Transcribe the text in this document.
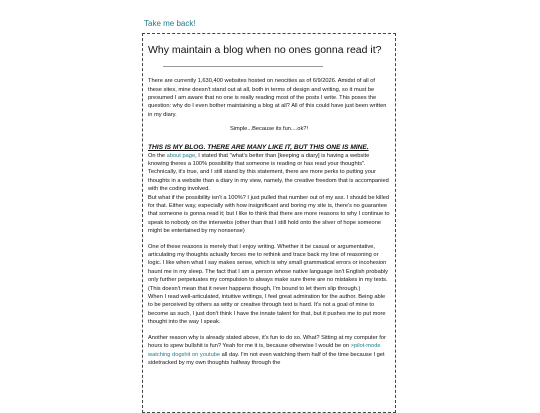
Take me back!
Why maintain a blog when no ones gonna read it?

There are currently 1,630,400 websites hosted on neocities as of 6/9/2026. Amidst of all of these sites, mine doesn't stand out at all, both in terms of design and writing, so it must be presumed I am aware that no one is really reading most of the posts I write. This poses the question: why do I even bother maintaining a blog at all? All of this could have just been written in my diary.

Simple...Because its fun....ok?!

THIS IS MY BLOG. THERE ARE MANY LIKE IT, BUT THIS ONE IS MINE.

On the about page, I stated that "what's better than [keeping a diary] is having a website knowing theres a 100% possibility that someone is reading or has read your thoughts". Technically, it's true, and I still stand by this statement, there are more perks to putting your thoughts in a website than a diary in my view, namely, the creative freedom that is accompanied with the coding involved.

But what if the possibility isn't a 100%? I just pulled that number out of my ass. I should be killed for that. Either way, especially with how insignificant and boring my site is, there's no guarantee that someone is gonna read it; but I like to think that there are more reasons to why I continue to speak to nobody on the interwebs (other than that I still hold onto the sliver of hope someone might be entertained by my nonsense)

One of these reasons is merely that I enjoy writing. Whether it be casual or argumentative, articulating my thoughts actually forces me to rethink and trace back my line of reasoning or logic. I like when what I say makes sense, which is why small grammatical errors or incohesion haunt me in my sleep. The fact that I am a person whose native language isn't English probably only further perpetuates my compulsion to always make sure there are no mistakes in my texts. (This doesn't mean that it never happens though, I'm bound to let them slip through.)

When I read well-articulated, intuitive writings, I feel great admiration for the author. Being able to be perceived by others as witty or creative through text is hard. It's not a goal of mine to become as such, I just don't think I have the innate talent for that, but it pushes me to put more thought into the way I speak.

Another reason why is already stated above, it's fun to do so. What? Sitting at my computer for hours to spew bullshit is fun? Yeah for me it is, because otherwise I would be on >pilot-mode watching dogshit on youtube all day. I'm not even watching them half of the time because I get sidetracked by my own thoughts halfway through the
